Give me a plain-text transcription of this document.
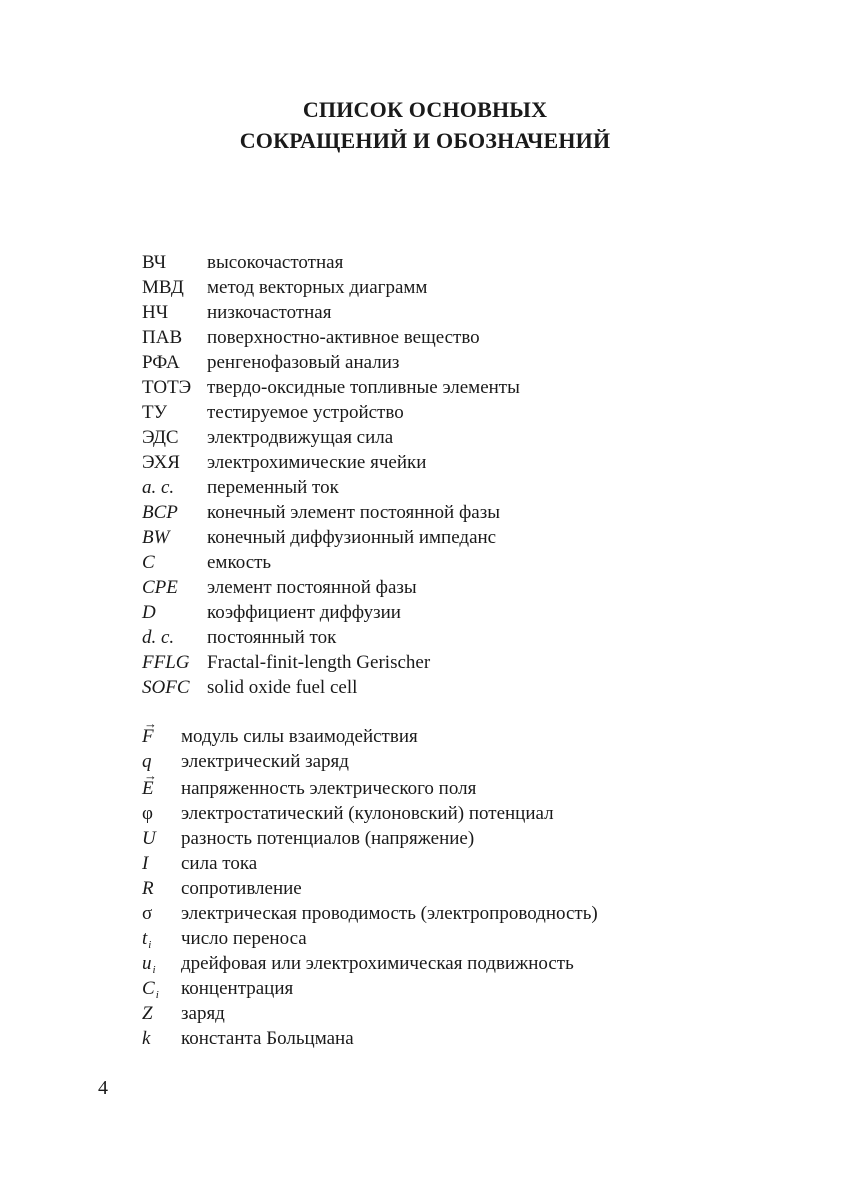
СПИСОК ОСНОВНЫХ
СОКРАЩЕНИЙ И ОБОЗНАЧЕНИЙ
ВЧ	высокочастотная
МВД	метод векторных диаграмм
НЧ	низкочастотная
ПАВ	поверхностно-активное вещество
РФА	ренгенофазовый анализ
ТОТЭ твердо-оксидные топливные элементы
ТУ	тестируемое устройство
ЭДС	электродвижущая сила
ЭХЯ	электрохимические ячейки
a. c.	переменный ток
BCP	конечный элемент постоянной фазы
BW	конечный диффузионный импеданс
C	емкость
CPE	элемент постоянной фазы
D	коэффициент диффузии
d. c.	постоянный ток
FFLG Fractal-finit-length Gerischer
SOFC solid oxide fuel cell
→ F	модуль силы взаимодействия
q	электрический заряд
→ E	напряженность электрического поля
φ	электростатический (кулоновский) потенциал
U	разность потенциалов (напряжение)
I	сила тока
R	сопротивление
σ	электрическая проводимость (электропроводность)
$t_i$	число переноса
$u_i$	дрейфовая или электрохимическая подвижность
$C_i$	концентрация
Z	заряд
k	константа Больцмана

4
